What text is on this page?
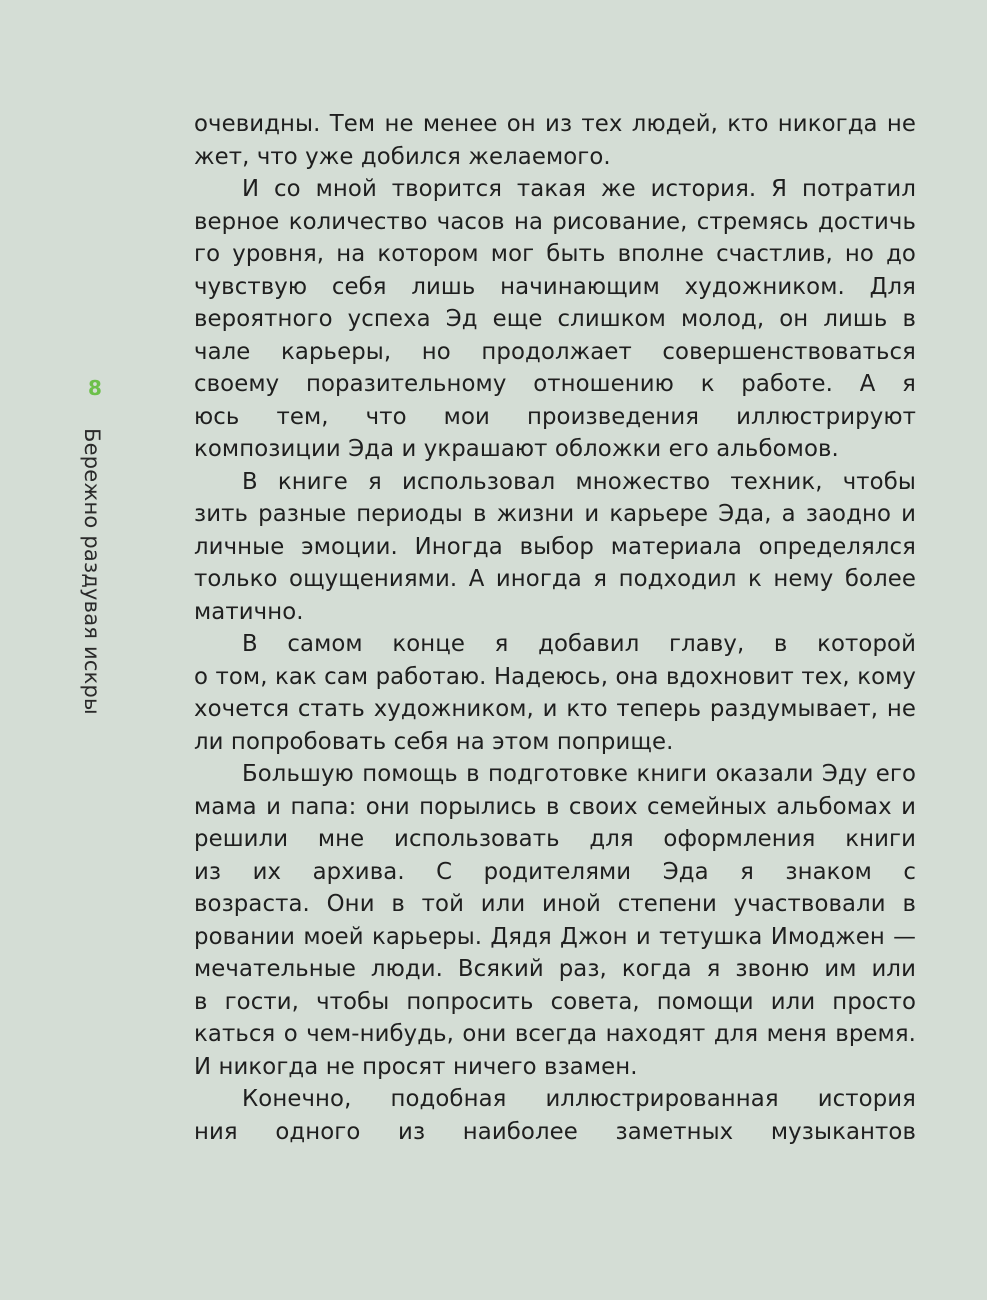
8
Бережно раздувая искры
очевидны. Тем не менее он из тех людей, кто никогда не
жет, что уже добился желаемого.
И со мной творится такая же история. Я потратил
верное количество часов на рисование, стремясь достичь
го уровня, на котором мог быть вполне счастлив, но до
чувствую себя лишь начинающим художником. Для
вероятного успеха Эд еще слишком молод, он лишь в
чале карьеры, но продолжает совершенствоваться
своему поразительному отношению к работе. А я
юсь тем, что мои произведения иллюстрируют
композиции Эда и украшают обложки его альбомов.
В книге я использовал множество техник, чтобы
зить разные периоды в жизни и карьере Эда, а заодно и
личные эмоции. Иногда выбор материала определялся
только ощущениями. А иногда я подходил к нему более
матично.
В самом конце я добавил главу, в которой
о том, как сам работаю. Надеюсь, она вдохновит тех, кому
хочется стать художником, и кто теперь раздумывает, не
ли попробовать себя на этом поприще.
Большую помощь в подготовке книги оказали Эду его
мама и папа: они порылись в своих семейных альбомах и
решили мне использовать для оформления книги
из их архива. С родителями Эда я знаком с
возраста. Они в той или иной степени участвовали в
ровании моей карьеры. Дядя Джон и тетушка Имоджен —
мечательные люди. Всякий раз, когда я звоню им или
в гости, чтобы попросить совета, помощи или просто
каться о чем-нибудь, они всегда находят для меня время.
И никогда не просят ничего взамен.
Конечно, подобная иллюстрированная история
ния одного из наиболее заметных музыкантов
